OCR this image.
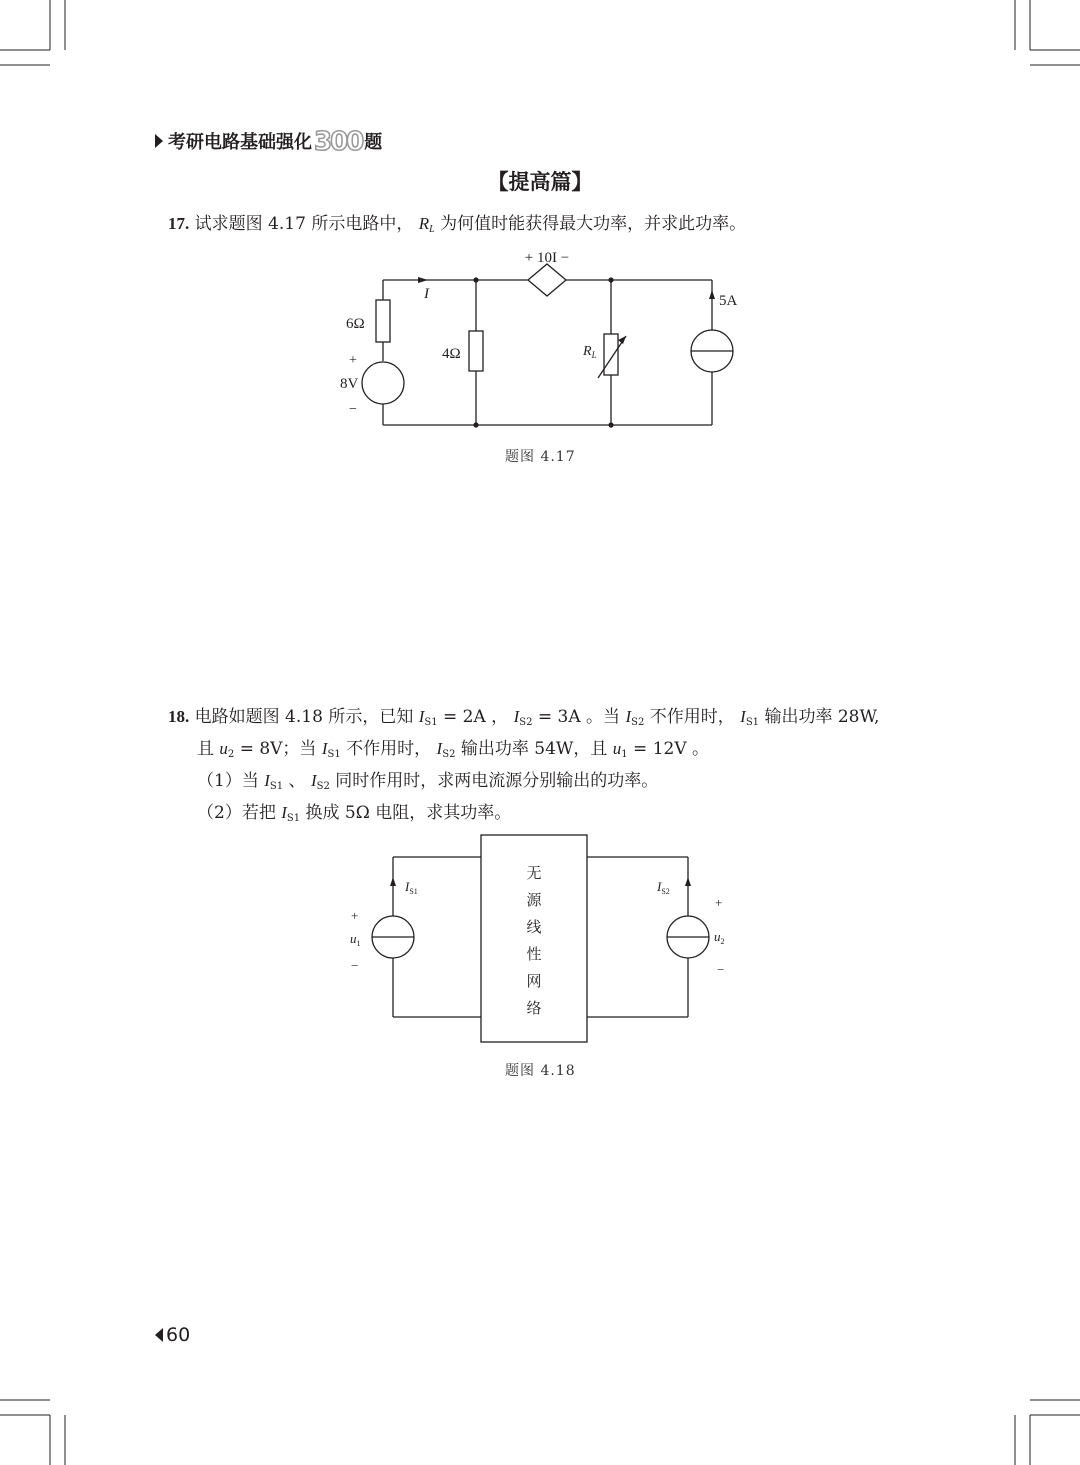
考研电路基础强化 300 题
【提高篇】
17. 试求题图 4.17 所示电路中， $R_L$ 为何值时能获得最大功率，并求此功率。
+ 10I −
I
6Ω
4Ω	$R_L$
+
8V
−
5A
题图 4.17
18. 电路如题图 4.18 所示，已知 $I_{S1} = 2A$ ， $I_{S2} = 3A$ 。当 $I_{S2}$ 不作用时， $I_{S1}$ 输出功率 28W,
且 $u_2 = 8V$；当 $I_{S1}$ 不作用时， $I_{S2}$ 输出功率 54W，且 $u_1 = 12V$ 。
（1）当 $I_{S1}$ 、 $I_{S2}$ 同时作用时，求两电流源分别输出的功率。
（2）若把 $I_{S1}$ 换成 5Ω 电阻，求其功率。
无
源
线
性
网
络
$I_{S1}$	$I_{S2}$
+
$u_1$
−
+
$u_2$
−
题图 4.18
60
